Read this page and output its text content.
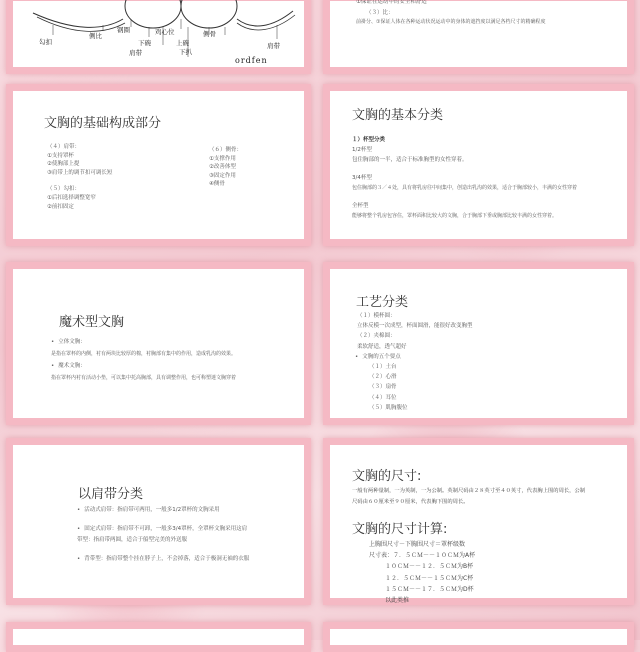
勾扣
侧比
钢圈	鸡心位
下碗	上碗
侧骨
肩带
下扒
肩带
ordfen
①保证在运动中的安全和舒适
（３）比：
前褂分、①保证人体在各种运动状况运动中的身体的遮挡度以满足各档尺寸的精确程度
文胸的基础构成部分
（４）肩带：
①支持罩杯
②使胸部上提
③肩带上的调节扣可调长短
（５）勾扣：
①后扣选择调整宽窄
②前扣固定
（６）侧骨：
①支撑作用
②改善体型
③固定作用
④侧骨
文胸的基本分类
１）杯型分类
1/2杯型
包住胸部的一半，适合于标准胸型的女性穿着。
3/4杯型
包住胸部的３／４处，具有将乳房往中间集中，创造出乳沟的效果，适合于胸部较小，丰满的女性穿着
全杯型
能够将整个乳房包容住，罩杯面积比较大的文胸，合于胸部下垂或胸部比较丰满的女性穿着。
魔术型文胸
• 立体文胸：
是指在罩杯的内侧，衬有两块比较厚的棉，衬胸部有集中的作用，造成乳沟的效果。
• 魔术文胸：
指在罩杯内衬有活动小垫，可以集中托高胸部，具有调整作用，也可称塑迷文胸穿着
工艺分类
（１）模杯圆：
立体反模一次成型，杯面圆滑，能很好改变胸型
（２）夹棉圆：
柔软舒适，透气超好
• 文胸的五个要点
（１）土台
（２）心滑
（３）扇骨
（４）耳位
（５）肌胸腹位
以肩带分类
• 活动式肩带：指肩带可两用，一般多1/2罩杯的文胸采用
• 固定式肩带：指肩带不可卸，一般多3/4罩杯，全罩杯文胸采用这肩带型：指肩带两圆，适合于船型完美的外送服
• 背带型：指肩带整个挂在脖子上，不会掉落，适合于极洞无袖的衣服
文胸的尺寸:
一般有两种量制，一为英制，一为公制。英制尺码由２８英寸至４０英寸，代表胸上围的周长，公制
尺码由６０厘米至９０厘米，代表胸下围的周长。
文胸的尺寸计算:
上胸围尺寸－下胸围尺寸＝罩杯级数
尺寸表：７．５ＣＭ－－１０ＣＭ为A杯
１０ＣＭ－－１２．５ＣＭ为B杯
１２．５ＣＭ－－１５ＣＭ为C杯
１５ＣＭ－－１７．５ＣＭ为D杯
以此类推
